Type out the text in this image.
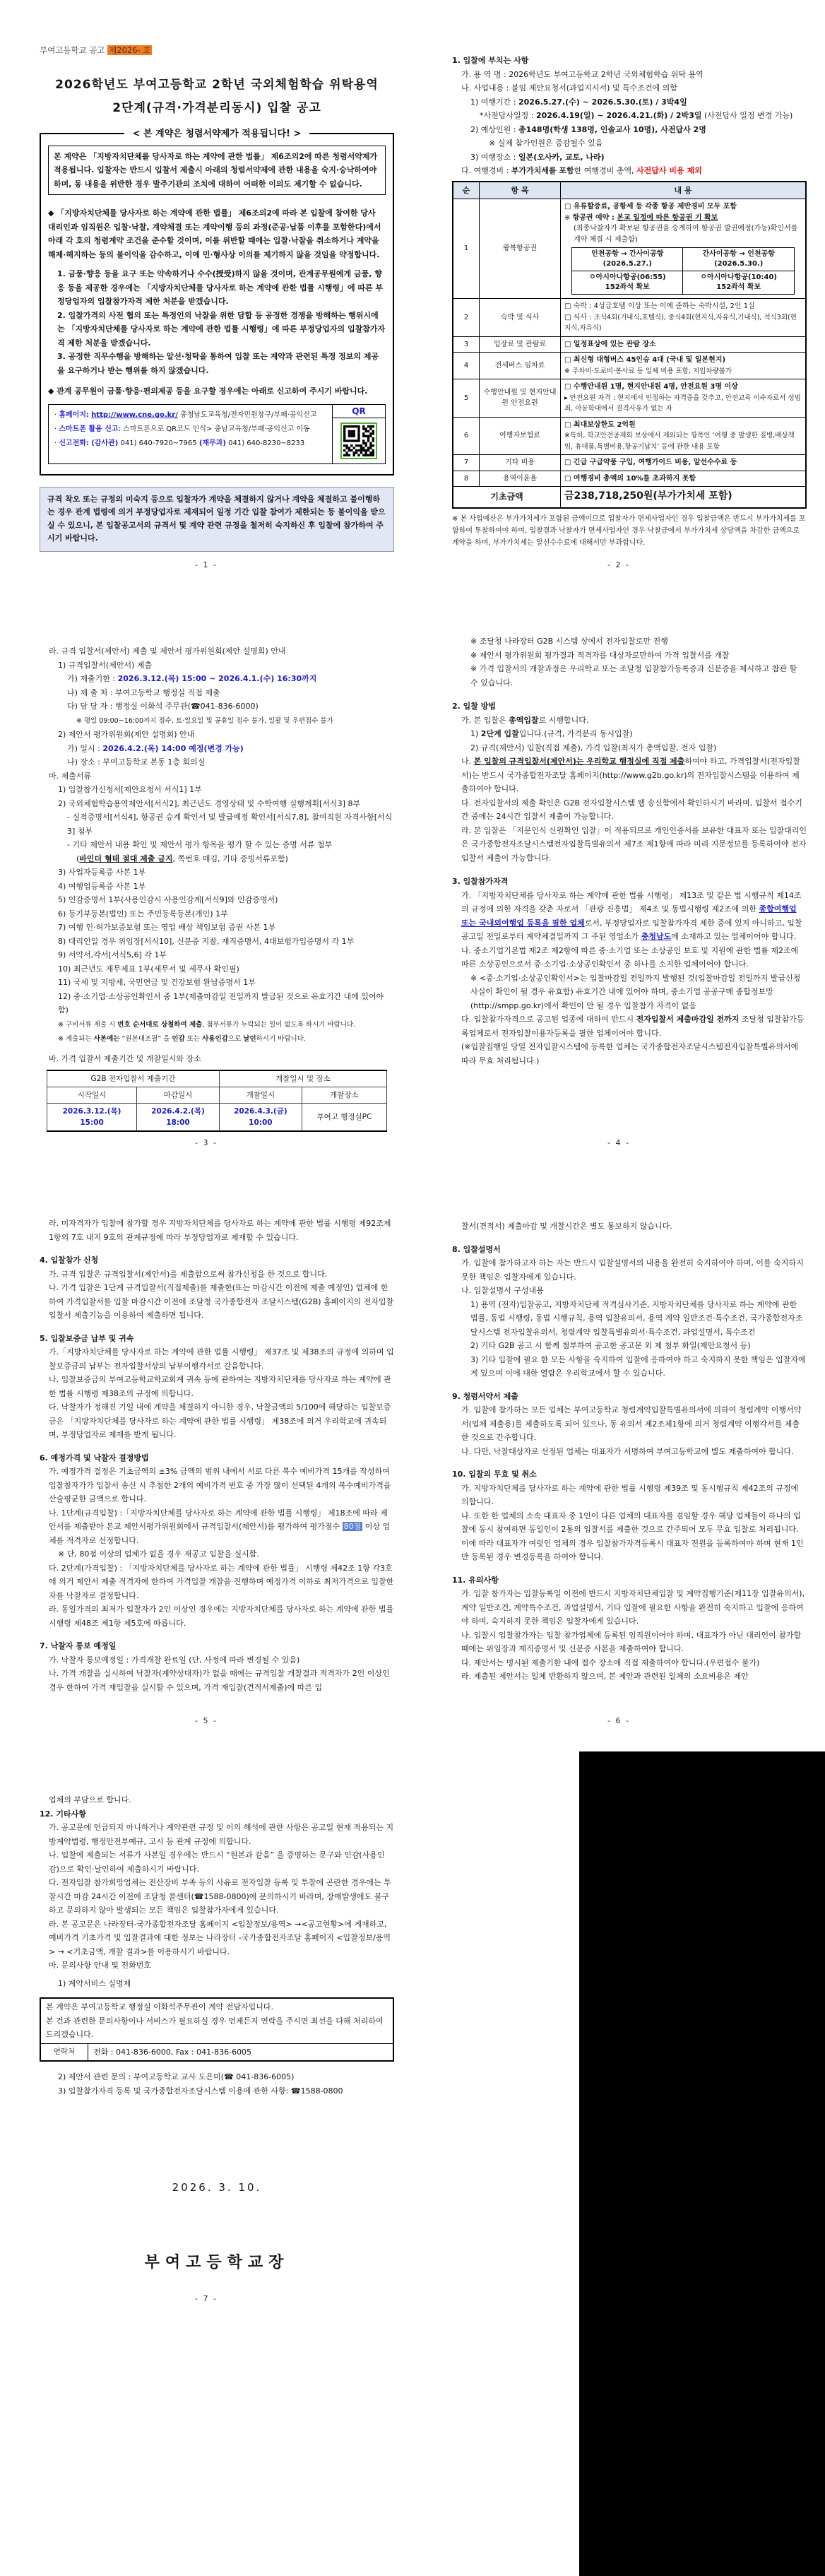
부여고등학교 공고 제2026- 호
2026학년도 부여고등학교 2학년 국외체험학습 위탁용역
2단계(규격·가격분리동시) 입찰 공고
< 본 계약은 청렴서약제가 적용됩니다! >
본 계약은 「지방자치단체를 당사자로 하는 계약에 관한 법률」 제6조의2에 따른 청렴서약제가 적용됩니다. 입찰자는 반드시 입찰서 제출시 아래의 청렴서약제에 관한 내용을 숙지·승낙하여야 하며, 동 내용을 위반한 경우 발주기관의 조치에 대하여 어떠한 이의도 제기할 수 없습니다.
◆ 「지방자치단체를 당사자로 하는 계약에 관한 법률」 제6조의2에 따라 본 입찰에 참여한 당사 대리인과 임직원은 입찰·낙찰, 계약체결 또는 계약이행 등의 과정(준공·납품 이후를 포함한다)에서 아래 각 호의 청렴계약 조건을 준수할 것이며, 이를 위반할 때에는 입찰·낙찰을 취소하거나 계약을 해제·해지하는 등의 불이익을 감수하고, 이에 민·형사상 이의를 제기하지 않을 것임을 약정합니다.
1. 금품·향응 등을 요구 또는 약속하거나 수수(授受)하지 않을 것이며, 관계공무원에게 금품, 향응 등을 제공한 경우에는 「지방자치단체를 당사자로 하는 계약에 관한 법률 시행령」에 따른 부정당업자의 입찰참가자격 제한 처분을 받겠습니다.
2. 입찰가격의 사전 협의 또는 특정인의 낙찰을 위한 담합 등 공정한 경쟁을 방해하는 행위시에는 「지방자치단체를 당사자로 하는 계약에 관한 법률 시행령」에 따른 부정당업자의 입찰참가자격 제한 처분을 받겠습니다.
3. 공정한 직무수행을 방해하는 알선·청탁을 통하여 입찰 또는 계약과 관련된 특정 정보의 제공을 요구하거나 받는 행위를 하지 않겠습니다.
◆ 관계 공무원이 금품·향응·편의제공 등을 요구할 경우에는 아래로 신고하여 주시기 바랍니다.
· 홈페이지: http://www.cne.go.kr/ 충청남도교육청/전자민원창구/부패·공익신고
· 스마트폰 활용 신고: 스마트폰으로 QR코드 인식> 충남교육청/부패·공익신고 이동
· 신고전화: (감사관) 041) 640-7920~7965 (재무과) 041) 640-8230~8233
QR
규격 착오 또는 규정의 미숙지 등으로 입찰자가 계약을 체결하지 않거나 계약을 체결하고 불이행하는 경우 관계 법령에 의거 부정당업자로 제재되어 일정 기간 입찰 참여가 제한되는 등 불이익을 받으실 수 있으니, 본 입찰공고서의 규격서 및 계약 관련 규정을 철저히 숙지하신 후 입찰에 참가하여 주시기 바랍니다.
- 1 -
1. 입찰에 부치는 사항
가. 용 역 명 : 2026학년도 부여고등학교 2학년 국외체험학습 위탁 용역
나. 사업내용 : 붙임 제안요청서(과업지시서) 및 특수조건에 의함
1) 여행기간 : 2026.5.27.(수) ~ 2026.5.30.(토) / 3박4일
*사전답사일정 : 2026.4.19(일) ~ 2026.4.21.(화) / 2박3일 (사전답사 일정 변경 가능)
2) 예상인원 : 총148명(학생 138명, 인솔교사 10명), 사전답사 2명
※ 실제 참가인원은 증감될수 있음
3) 여행장소 : 일본(오사카, 교토, 나라)
다. 여행경비 : 부가가치세를 포함한 여행경비 총액, 사전답사 비용 제외
순	항 목	내 용
1	왕복항공권	
□ 유류할증료, 공항세 등 각종 항공 제반경비 모두 포함
※ 항공권 예약 : 본교 일정에 따른 항공권 기 확보
(최종낙찰자가 확보된 항공권을 승계하여 항공권 발권예정(가능)확인서를 계약 체결 시 제출함)
인천공항 → 간사이공항
(2026.5.27.)

간사이공항 → 인천공항
(2026.5.30.)

ㅇ아시아나항공(06:55)
152좌석 확보

ㅇ아시아나항공(10:40)
152좌석 확보

2	숙박 및 식사	
□ 숙박 : 4성급호텔 이상 또는 이에 준하는 숙박시설, 2인 1실
□ 식사 : 조식4회(기내식,호텔식), 중식4회(현지식,자유식,기내식), 석식3회(현지식,자유식)

3	입장료 및 관람료	□ 일정표상에 있는 관람 장소

4	전세버스 임차료	
□ 최신형 대형버스 45인승 4대 (국내 및 일본현지)
※ 주차비·도로비·봉사료 등 일체 비용 포함, 지입차량불가

5	수행안내원 및 현지안내원 안전요원	
□ 수행안내원 1명, 현지안내원 4명, 안전요원 3명 이상
▸ 안전요원 자격 : 현지에서 인정하는 자격증을 갖추고, 안전교육 이수자로서 성범죄, 아동학대에서 결격사유가 없는 자

6	여행자보험료	
□ 최대보상한도 2억원
※특히, 학교안전공제회 보상에서 제외되는 항목인 ‘여행 중 발생한 질병,배상책임, 휴대품,특별비용,항공기납치’ 등에 관한 내용 포함

7	기타 비용	□ 긴급 구급약품 구입, 여행가이드 비용, 알선수수료 등

8	용역이윤율	□ 여행경비 총액의 10%를 초과하지 못함

기초금액	금238,718,250원(부가가치세 포함)
※ 본 사업예산은 부가가치세가 포함된 금액이므로 입찰자가 면세사업자인 경우 입찰금액은 반드시 부가가치세를 포함하여 투찰하여야 하며, 입찰결과 낙찰자가 면세사업자인 경우 낙찰금에서 부가가치세 상당액을 차감한 금액으로 계약을 하며, 부가가치세는 알선수수료에 대해서만 부과합니다.
- 2 -
라. 규격 입찰서(제안서) 제출 및 제안서 평가위원회(제안 설명회) 안내
1) 규격입찰서(제안서) 제출
가) 제출기한 : 2026.3.12.(목) 15:00 ~ 2026.4.1.(수) 16:30까지
나) 제 출 처 : 부여고등학교 행정실 직접 제출
다) 담 당 자 : 행정실 이화석 주무관(☎041-836-6000)
※ 평일 09:00~16:00까지 접수, 토·일요일 및 공휴일 접수 불가, 일괄 및 우편접수 불가
2) 제안서 평가위원회(제안 설명회) 안내
가) 일시 : 2026.4.2.(목) 14:00 예정(변경 가능)
나) 장소 : 부여고등학교 본동 1층 회의실
마. 제출서류
1) 입찰참가신청서[제안요청서 서식1] 1부
2) 국외체험학습용역제안서[서식2], 최근년도 경영상태 및 수학여행 실행계획[서식3] 8부
- 실적증명서[서식4], 항공권 승계 확인서 및 발급예정 확인서[서식7,8], 참여직원 자격사항[서식3] 첨부
- 기타 제안서 내용 확인 및 제안서 평가 항목을 평가 할 수 있는 증명 서류 첨부
(바인더 형태 절대 제출 금지, 쪽번호 매김, 기타 증빙서류포함)
3) 사업자등록증 사본 1부
4) 여행업등록증 사본 1부
5) 인감증명서 1부(사용인감시 사용인감계[서식9]와 인감증명서)
6) 등기부등본(법인) 또는 주민등록등본(개인) 1부
7) 여행 인·허가보증보험 또는 영업 배상 책임보험 증권 사본 1부
8) 대리인일 경우 위임장[서식10], 신분증 지참, 재직증명서, 4대보험가입증명서 각 1부
9) 서약서,각서[서식5,6] 각 1부
10) 최근년도 재무제표 1부(세무서 및 세무사 확인필)
11) 국세 및 지방세, 국민연금 및 건강보험 완납증명서 1부
12) 중·소기업·소상공인확인서 중 1부(제출마감일 전일까지 발급된 것으로 유효기간 내에 있어야 함)
※ 구비서류 제출 시 번호 순서대로 상철하여 제출, 첨부서류가 누락되는 일이 없도록 하시기 바랍니다.
※ 제출되는 사본에는 “원본대조필” 을 인감 또는 사용인감으로 날인하시기 바랍니다.
바. 가격 입찰서 제출기간 및 개찰일시와 장소
G2B 전자입찰서 제출기간		개찰일시 및 장소	
시작일시	마감일시	개찰일시	개찰장소

2026.3.12.(목)
15:00

2026.4.2.(목)
18:00

2026.4.3.(금)
10:00
	부여고 행정실PC
- 3 -
※ 조달청 나라장터 G2B 시스템 상에서 전자입찰로만 진행
※ 제안서 평가위원회 평가결과 적격자를 대상자로만하여 가격 입찰서를 개찰
※ 가격 입찰서의 개찰과정은 우리학교 또는 조달청 입찰참가등록증과 신분증을 제시하고 참관 할 수 있습니다.
2. 입찰 방법
가. 본 입찰은 총액입찰로 시행합니다.
1) 2단계 입찰입니다.(규격, 가격분리 동시입찰)
2) 규격(제안서) 입찰(직접 제출), 가격 입찰(최저가 총액입찰, 전자 입찰)
나. 본 입찰의 규격입찰서(제안서)는 우리학교 행정실에 직접 제출하여야 하고, 가격입찰서(전자입찰서)는 반드시 국가종합전자조달 홈페이지(http://www.g2b.go.kr)의 전자입찰시스템을 이용하여 제출하여야 합니다.
다. 전자입찰서의 제출 확인은 G2B 전자입찰시스템 웹 송신함에서 확인하시기 바라며, 입찰서 접수기간 중에는 24시간 입찰서 제출이 가능합니다.
라. 본 입찰은 「지문인식 신원확인 입찰」이 적용되므로 개인인증서를 보유한 대표자 또는 입찰대리인은 국가종합전자조달시스템전자입찰특별유의서 제7조 제1항에 따라 미리 지문정보를 등록하여야 전자입찰서 제출이 가능합니다.
3. 입찰참가자격
가. 「지방자치단체를 당사자로 하는 계약에 관한 법률 시행령」 제13조 및 같은 법 시행규칙 제14조의 규정에 의한 자격을 갖춘 자로서 「관광 진흥법」 제4조 및 동법시행령 제2조에 의한 종합여행업 또는 국내외여행업 등록을 필한 업체로서, 부정당업자로 입찰참가자격 제한 중에 있지 아니하고, 입찰공고일 전일로부터 계약체결일까지 그 주된 영업소가 충청남도에 소재하고 있는 업체이어야 합니다.
나. 중소기업기본법 제2조 제2항에 따른 중·소기업 또는 소상공인 보호 및 지원에 관한 법률 제2조에 따른 소상공인으로서 중·소기업·소상공인확인서 중 하나를 소지한 업체이어야 합니다.
※ <중·소기업·소상공인확인서>는 입찰마감일 전일까지 발행된 것(입찰마감일 전일까지 발급신청사실이 확인이 될 경우 유효함) 유효기간 내에 있어야 하며, 중소기업 공공구매 종합정보망(http://smpp.go.kr)에서 확인이 안 될 경우 입찰참가 자격이 없음
다. 입찰참가자격으로 공고된 업종에 대하여 반드시 전자입찰서 제출마감일 전까지 조달청 입찰참가등록업체로서 전자입찰이용자등록을 필한 업체이어야 합니다.
(※입찰집행일 당일 전자입찰시스템에 등록한 업체는 국가종합전자조달시스템전자입찰특별유의서에 따라 무효 처리됩니다.)
- 4 -
라. 미자격자가 입찰에 참가할 경우 지방자치단체를 당사자로 하는 계약에 관한 법률 시행령 제92조제1항의 7호 내지 9호의 관계규정에 따라 부정당업자로 제재할 수 있습니다.
4. 입찰참가 신청
가. 규격 입찰은 규격입찰서(제안서)를 제출함으로써 참가신청을 한 것으로 합니다.
나. 가격 입찰은 1단계 규격입찰서(직접제출)를 제출한(또는 마감시간 이전에 제출 예정인) 업체에 한하여 가격입찰서를 입찰 마감시간 이전에 조달청 국가종합전자 조달시스템(G2B) 홈페이지의 전자입찰 입찰서 제출기능을 이용하여 제출하면 됩니다.
5. 입찰보증금 납부 및 귀속
가.「지방자치단체를 당사자로 하는 계약에 관한 법률 시행령」 제37조 및 제38조의 규정에 의하며 입찰보증금의 납부는 전자입찰서상의 납부이행각서로 갈음합니다.
나. 입찰보증금의 부여고등학교학교회계 귀속 등에 관하여는 지방자치단체를 당사자로 하는 계약에 관한 법률 시행령 제38조의 규정에 의합니다.
다. 낙찰자가 정해진 기일 내에 계약을 체결하지 아니한 경우, 낙찰금액의 5/100에 해당하는 입찰보증금은 「지방자치단체를 당사자로 하는 계약에 관한 법률 시행령」 제38조에 의거 우리학교에 귀속되며, 부정당업자로 제재를 받게 됩니다.
6. 예정가격 및 낙찰자 결정방법
가. 예정가격 결정은 기초금액의 ±3% 금액의 범위 내에서 서로 다른 복수 예비가격 15개를 작성하여 입찰참자가가 입찰서 송신 시 추첨한 2개의 예비가격 번호 중 가장 많이 선택된 4개의 복수예비가격을 산술평균한 금액으로 합니다.
나. 1단계(규격입찰) :「지방자치단체를 당사자로 하는 계약에 관한 법률 시행령」 제18조에 따라 제안서를 제출받아 본교 제안서평가위원회에서 규격입찰서(제안서)를 평가하여 평가점수 80점 이상 업체를 적격자로 선정합니다.
※ 단, 80점 이상의 업체가 없을 경우 재공고 입찰을 실시함.
다. 2단계(가격입찰) : 「지방자치단체를 당사자로 하는 계약에 관한 법률」 시행령 제42조 1항 각3호에 의거 제안서 제출 적격자에 한하여 가격입찰 개찰을 진행하며 예정가격 이하로 최저가격으로 입찰한 자를 낙찰자로 결정합니다.
라. 동일가격의 최저가 입찰자가 2인 이상인 경우에는 지방자치단체를 당사자로 하는 계약에 관한 법률 시행령 제48조 제1항 제5호에 따릅니다.
7. 낙찰자 통보 예정일
가. 낙찰자 통보예정일 : 가격개찰 완료일 (단, 사정에 따라 변경될 수 있음)
나. 가격 개찰을 실시하여 낙찰자(계약상대자)가 없을 때에는 규격입찰 개찰결과 적격자가 2인 이상인 경우 한하여 가격 재입찰을 실시할 수 있으며, 가격 재입찰(견적서제출)에 따른 입
- 5 -
찰서(견적서) 제출마감 및 개찰시간은 별도 통보하지 않습니다.
8. 입찰설명서
가. 입찰에 참가하고자 하는 자는 반드시 입찰설명서의 내용을 완전히 숙지하여야 하며, 이를 숙지하지 못한 책임은 입찰자에게 있습니다.
나. 입찰설명서 구성내용
1) 용역 (전자)입찰공고, 지방자치단체 적격심사기준, 지방자치단체를 당사자로 하는 계약에 관한 법률, 동법 시행령, 동법 시행규칙, 용역 입찰유의서, 용역 계약 일반조건·특수조건, 국가종합전자조달시스템 전자입찰유의서, 청렴계약 입찰특별유의서·특수조건, 과업설명서, 특수조건
2) 기타 G2B 공고 시 함께 첨부하여 공고한 공고문 외 제 첨부 화일(제안요청서 등)
3) 기타 입찰에 필요 한 모든 사항을 숙지하여 입찰에 응하여야 하고 숙지하지 못한 책임은 입찰자에게 있으며 이에 대한 열람은 우리학교에서 할 수 있습니다.
9. 청렴서약서 제출
가. 입찰에 참가하는 모든 업체는 부여고등학교 청렴계약입찰특별유의서에 의하여 청렴계약 이행서약서(업체 제출용)를 제출하도록 되어 있으나, 동 유의서 제2조제1항에 의거 청렴계약 이행각서를 제출한 것으로 간주합니다.
나. 다만, 낙찰대상자로 선정된 업체는 대표자가 서명하여 부여고등학교에 별도 제출하여야 합니다.
10. 입찰의 무효 및 취소
가. 지방자치단체를 당사자로 하는 계약에 관한 법률 시행령 제39조 및 동시행규칙 제42조의 규정에 의합니다.
나. 또한 한 업체의 소속 대표자 중 1인이 다른 업체의 대표자를 겸임할 경우 해당 업체들이 하나의 입찰에 동시 참여하면 동일인이 2통의 입찰서를 제출한 것으로 간주되어 모두 무효 입찰로 처리됩니다. 이에 따라 대표자가 여럿인 업체의 경우 입찰참가자격등록시 대표자 전원을 등록하여야 하며 현재 1인만 등록된 경우 변경등록을 하여야 합니다.
11. 유의사항
가. 입찰 참가자는 입찰등록일 이전에 반드시 지방자치단체입찰 및 계약집행기준(제11장 입찰유의서), 계약 일반조건, 계약특수조건, 과업설명서, 기타 입찰에 필요한 사항을 완전히 숙지하고 입찰에 응하여야 하며, 숙지하지 못한 책임은 입찰자에게 있습니다.
나. 입찰시 입찰참가자는 입찰 참가업체에 등록된 임직원이어야 하며, 대표자가 아닌 대리인이 참가할 때에는 위임장과 재직증명서 및 신분증 사본을 제출하여야 합니다.
다. 제안서는 명시된 제출기한 내에 접수 장소에 직접 제출하여야 합니다.(우편접수 불가)
라. 제출된 제안서는 일체 반환하지 않으며, 본 제안과 관련된 일체의 소요비용은 제안
- 6 -
업체의 부담으로 합니다.
12. 기타사항
가. 공고문에 언급되지 아니하거나 계약관련 규정 및 이의 해석에 관한 사항은 공고일 현재 적용되는 지방계약법령, 행정안전부예규, 고시 등 관계 규정에 의합니다.
나. 입찰에 제출되는 서류가 사본일 경우에는 반드시 “원본과 같음” 을 증명하는 문구와 인감(사용인감)으로 확인·날인하여 제출하시기 바랍니다.
다. 전자입찰 참가희망업체는 전산장비 부족 등의 사유로 전자입찰 등록 및 투찰에 곤란한 경우에는 투찰시간 마감 24시간 이전에 조달청 콜센터(☎1588-0800)에 문의하시기 바라며, 장애발생에도 불구하고 문의하지 않아 발생되는 모든 책임은 입찰참가자에게 있습니다.
라. 본 공고문은 나라장터-국가종합전자조달 홈페이지 <입찰정보/용역> →<공고현황>에 게재하고, 예비가격 기초가격 및 입찰결과에 대한 정보는 나라장터 -국가종합전자조달 홈페이지 <입찰정보/용역> → <기초금액, 개찰 결과>를 이용하시기 바랍니다.
마. 문의사항 안내 및 전화번호
1) 계약서비스 실명제
본 계약은 부여고등학교 행정실 이화석주무관이 계약 전담자입니다.
본 건과 관련한 문의사항이나 서비스가 필요하실 경우 언제든지 연락을 주시면 최선을 다해 처리하여 드리겠습니다.

연락처	전화 : 041-836-6000, Fax : 041-836-6005
2) 제안서 관련 문의 : 부여고등학교 교사 도은미(☎ 041-836-6005)
3) 입찰참가자격 등록 및 국가종합전자조달시스템 이용에 관한 사항: ☎1588-0800
2026. 3. 10.
부여고등학교장
- 7 -
